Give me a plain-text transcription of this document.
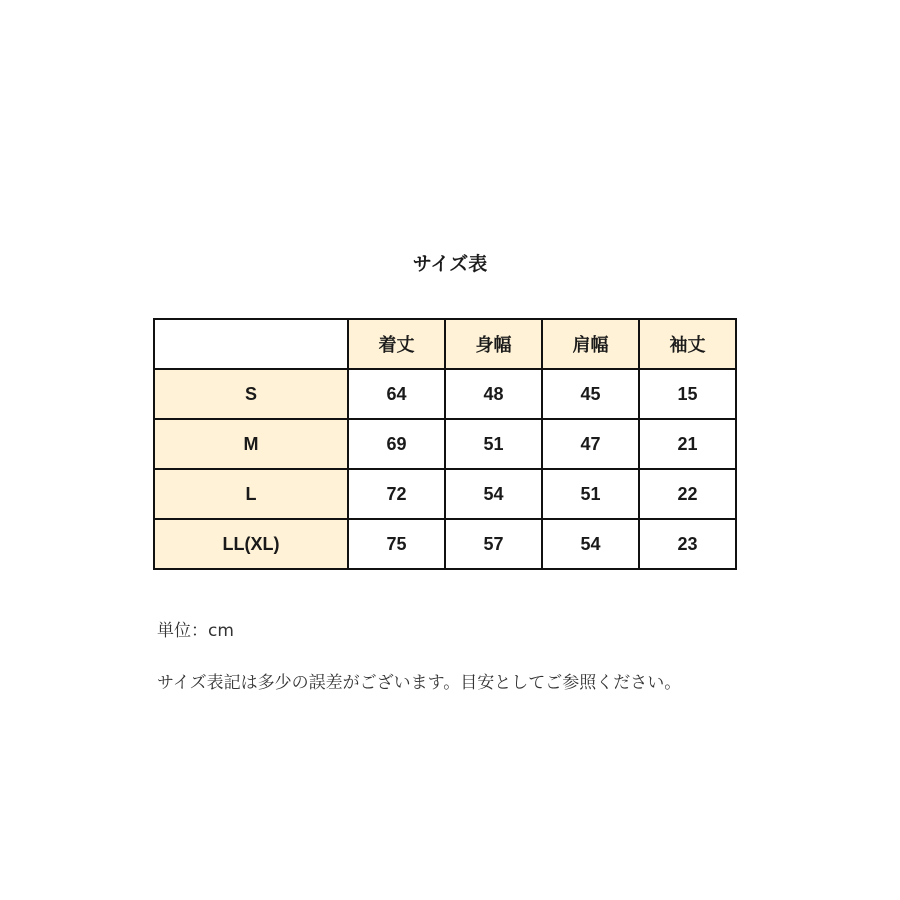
サイズ表
	着丈	身幅	肩幅	袖丈
S	64	48	45	15
M	69	51	47	21
L	72	54	51	22
LL(XL)	75	57	54	23
単位：cm
サイズ表記は多少の誤差がございます。目安としてご参照ください。
